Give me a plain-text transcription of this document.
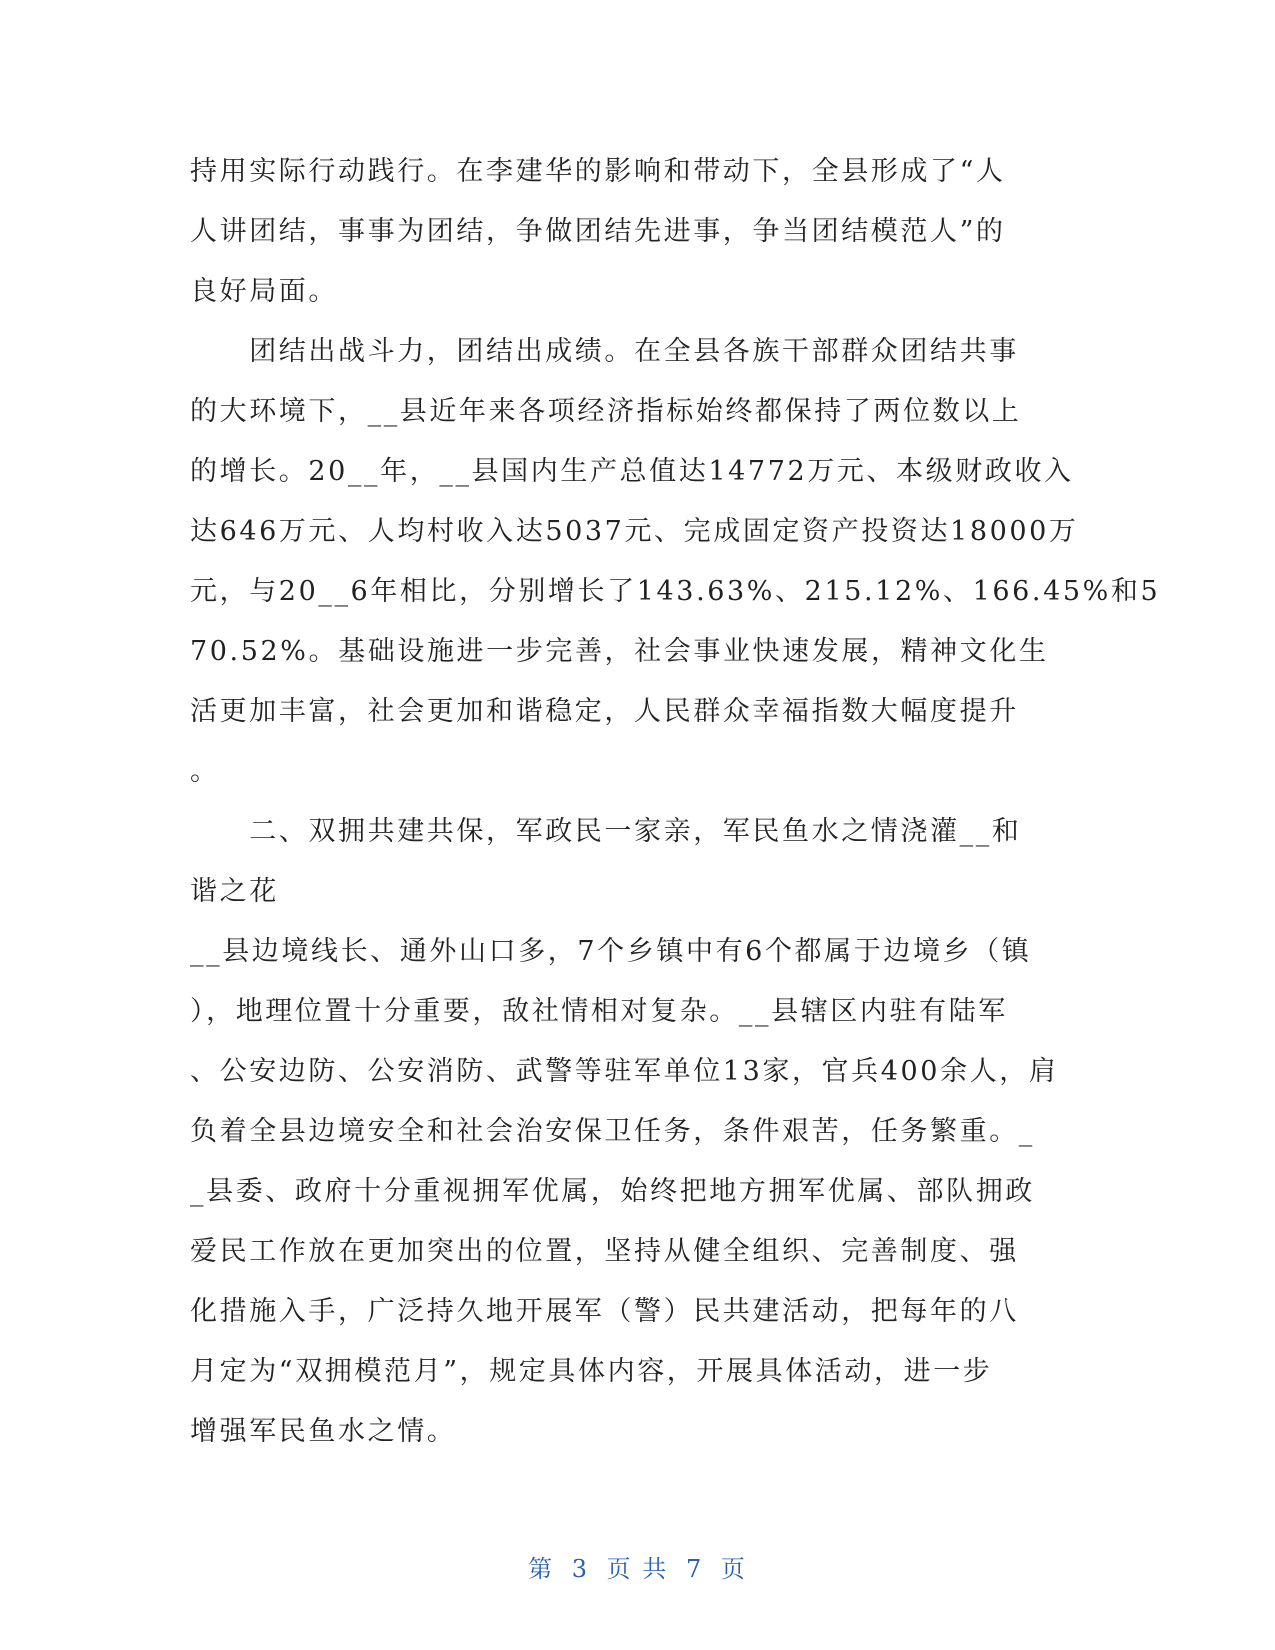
持用实际行动践行。在李建华的影响和带动下，全县形成了“人
人讲团结，事事为团结，争做团结先进事，争当团结模范人”的
良好局面。
　　团结出战斗力，团结出成绩。在全县各族干部群众团结共事
的大环境下，__县近年来各项经济指标始终都保持了两位数以上
的增长。20__年，__县国内生产总值达14772万元、本级财政收入
达646万元、人均村收入达5037元、完成固定资产投资达18000万
元，与20__6年相比，分别增长了143.63%、215.12%、166.45%和5
70.52%。基础设施进一步完善，社会事业快速发展，精神文化生
活更加丰富，社会更加和谐稳定，人民群众幸福指数大幅度提升
。
　　二、双拥共建共保，军政民一家亲，军民鱼水之情浇灌__和
谐之花
__县边境线长、通外山口多，7个乡镇中有6个都属于边境乡（镇
），地理位置十分重要，敌社情相对复杂。__县辖区内驻有陆军
、公安边防、公安消防、武警等驻军单位13家，官兵400余人，肩
负着全县边境安全和社会治安保卫任务，条件艰苦，任务繁重。_
_县委、政府十分重视拥军优属，始终把地方拥军优属、部队拥政
爱民工作放在更加突出的位置，坚持从健全组织、完善制度、强
化措施入手，广泛持久地开展军（警）民共建活动，把每年的八
月定为“双拥模范月”，规定具体内容，开展具体活动，进一步
增强军民鱼水之情。
第 3 页 共 7 页
